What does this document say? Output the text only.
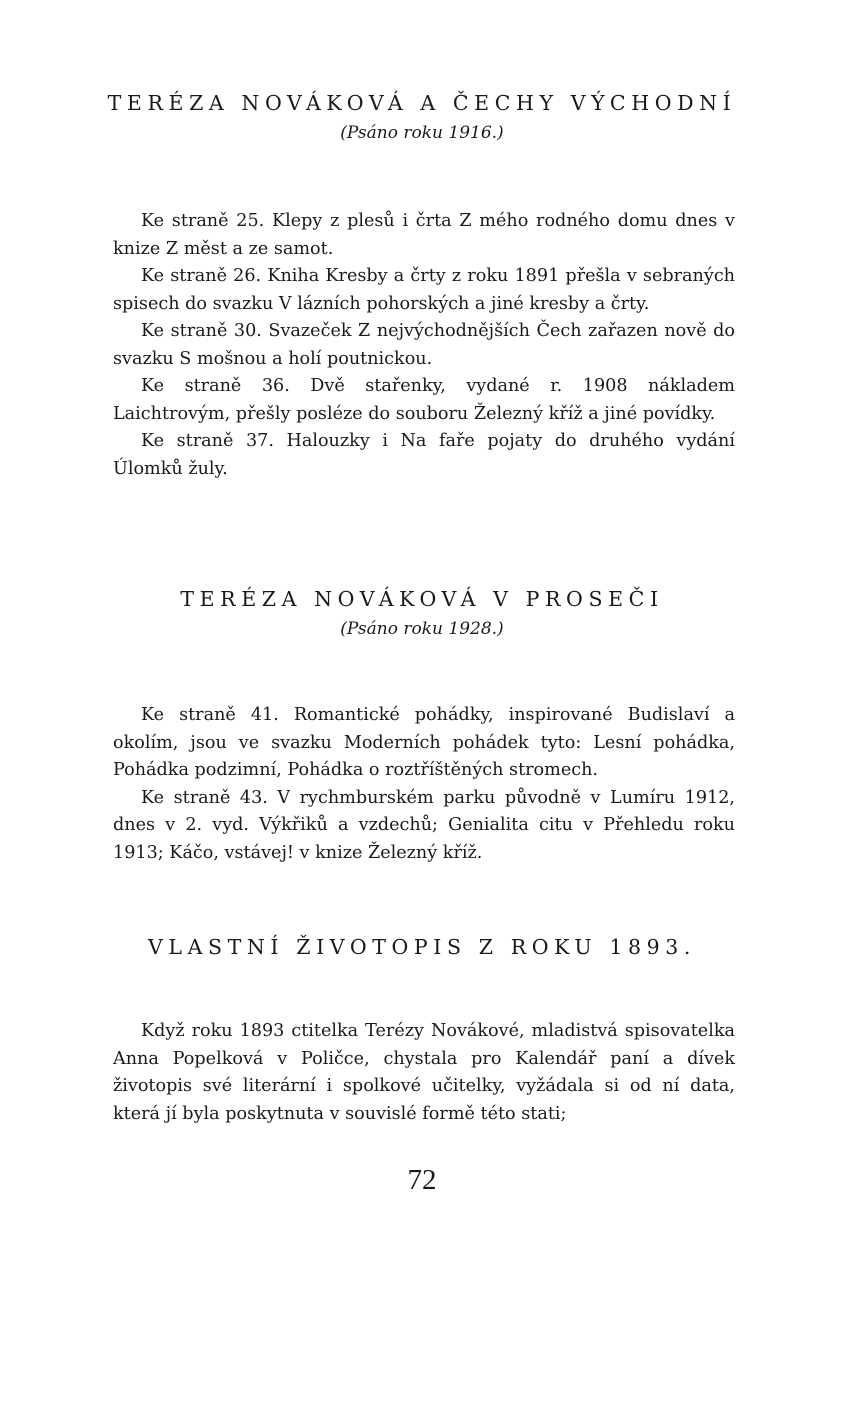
TERÉZA NOVÁKOVÁ A ČECHY VÝCHODNÍ
(Psáno roku 1916.)

Ke straně 25. Klepy z plesů i črta Z mého rodného domu dnes v knize Z měst a ze samot.

Ke straně 26. Kniha Kresby a črty z roku 1891 přešla v sebraných spisech do svazku V lázních pohorských a jiné kresby a črty.

Ke straně 30. Svazeček Z nejvýchodnějších Čech zařazen nově do svazku S mošnou a holí poutnickou.

Ke straně 36. Dvě stařenky, vydané r. 1908 nákladem Laichtrovým, přešly posléze do souboru Železný kříž a jiné povídky.

Ke straně 37. Halouzky i Na faře pojaty do druhého vydání Úlomků žuly.

TERÉZA NOVÁKOVÁ V PROSEČI
(Psáno roku 1928.)

Ke straně 41. Romantické pohádky, inspirované Budislaví a okolím, jsou ve svazku Moderních pohádek tyto: Lesní pohádka, Pohádka podzimní, Pohádka o roztříštěných stromech.

Ke straně 43. V rychmburském parku původně v Lumíru 1912, dnes v 2. vyd. Výkřiků a vzdechů; Genialita citu v Přehledu roku 1913; Káčo, vstávej! v knize Železný kříž.

VLASTNÍ ŽIVOTOPIS Z ROKU 1893.

Když roku 1893 ctitelka Terézy Novákové, mladistvá spisovatelka Anna Popelková v Poličce, chystala pro Kalendář paní a dívek životopis své literární i spolkové učitelky, vyžádala si od ní data, která jí byla poskytnuta v souvislé formě této stati;

72
